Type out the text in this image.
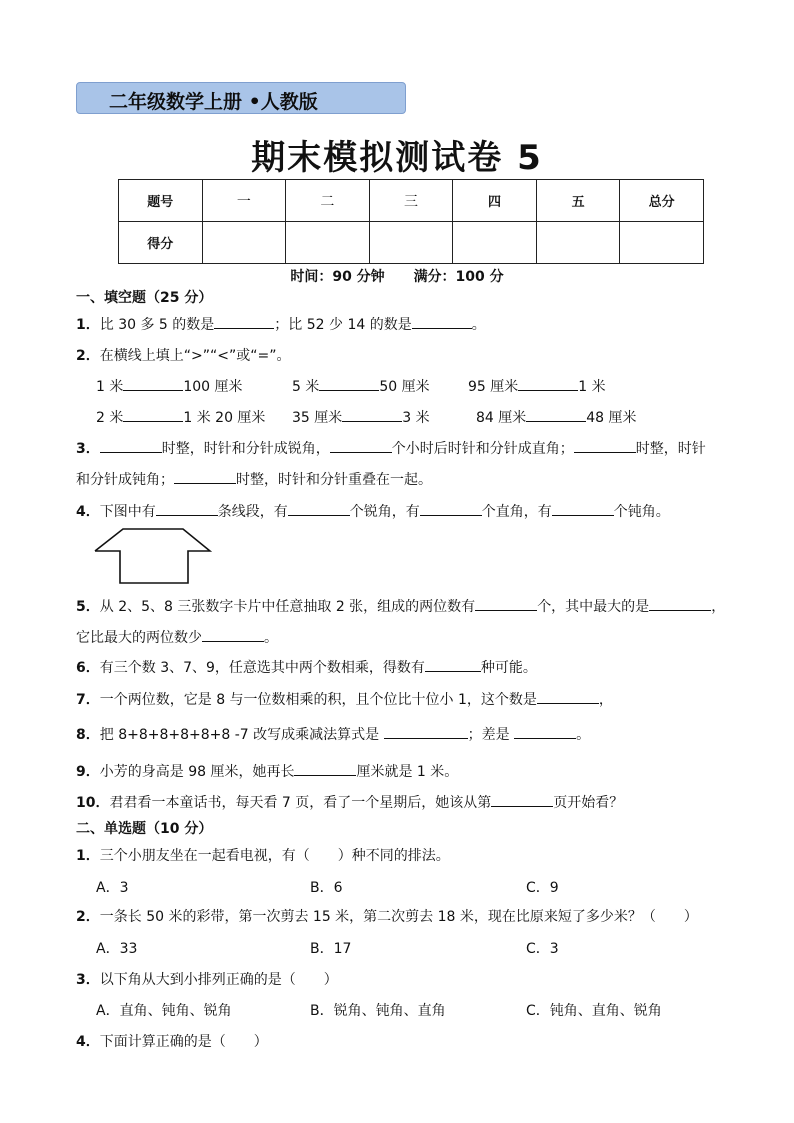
二年级数学上册 •人教版
期末模拟测试卷 5
题号	一	二	三	四	五	总分
得分						
时间：90 分钟 满分：100 分
一、填空题（25 分）
1．比 30 多 5 的数是	；比 52 少 14 的数是	。
2．在横线上填上“>”“<”或“=”。
1 米	100 厘米	5 米	50 厘米	95 厘米	1 米
2 米	1 米 20 厘米 35 厘米	3 米	84 厘米	48 厘米
3．	时整，时针和分针成锐角，	个小时后时针和分针成直角；	时整，时针
和分针成钝角；	时整，时针和分针重叠在一起。
4．下图中有	条线段，有	个锐角，有	个直角，有	个钝角。
5．从 2、5、8 三张数字卡片中任意抽取 2 张，组成的两位数有	个，其中最大的是	，
它比最大的两位数少	。
6．有三个数 3、7、9，任意选其中两个数相乘，得数有	种可能。
7．一个两位数，它是 8 与一位数相乘的积，且个位比十位小 1，这个数是	，
8．把 8+8+8+8+8+8 -7 改写成乘减法算式是	；差是	。
9．小芳的身高是 98 厘米，她再长	厘米就是 1 米。
10．君君看一本童话书，每天看 7 页，看了一个星期后，她该从第	页开始看？
二、单选题（10 分）
1．三个小朋友坐在一起看电视，有（　　）种不同的排法。
A．3	B．6	C．9
2．一条长 50 米的彩带，第一次剪去 15 米，第二次剪去 18 米，现在比原来短了多少米？（　　）
A．33	B．17	C．3
3．以下角从大到小排列正确的是（　　）
A．直角、钝角、锐角	B．锐角、钝角、直角	C．钝角、直角、锐角
4．下面计算正确的是（　　）
